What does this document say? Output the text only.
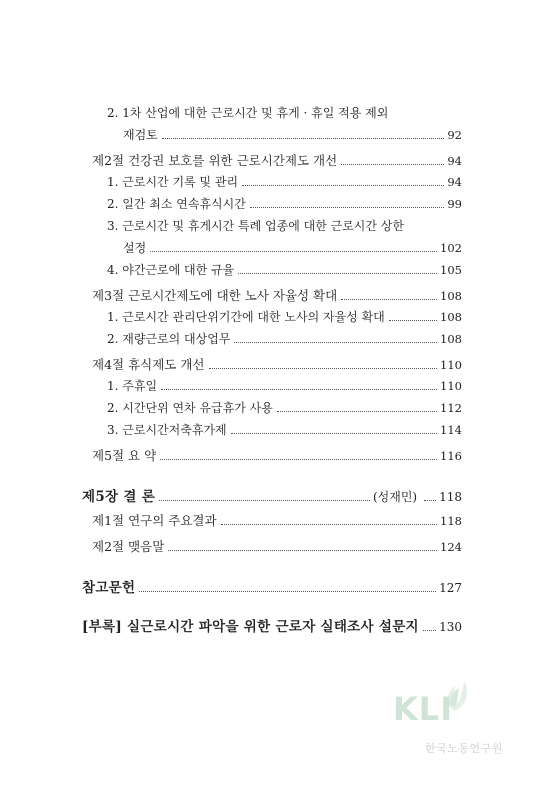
2. 1차 산업에 대한 근로시간 및 휴게 · 휴일 적용 제외
재검토	92
제2절 건강권 보호를 위한 근로시간제도 개선	94
1. 근로시간 기록 및 관리	94
2. 일간 최소 연속휴식시간	99
3. 근로시간 및 휴게시간 특례 업종에 대한 근로시간 상한
설정	102
4. 야간근로에 대한 규율	105
제3절 근로시간제도에 대한 노사 자율성 확대	108
1. 근로시간 관리단위기간에 대한 노사의 자율성 확대	108
2. 재량근로의 대상업무	108
제4절 휴식제도 개선	110
1. 주휴일	110
2. 시간단위 연차 유급휴가 사용	112
3. 근로시간저축휴가제	114
제5절 요 약	116
제5장 결 론	(성재민) 118
제1절 연구의 주요결과	118
제2절 맺음말	124
참고문헌	127
[부록] 실근로시간 파악을 위한 근로자 실태조사 설문지 130
KLI
한국노동연구원
